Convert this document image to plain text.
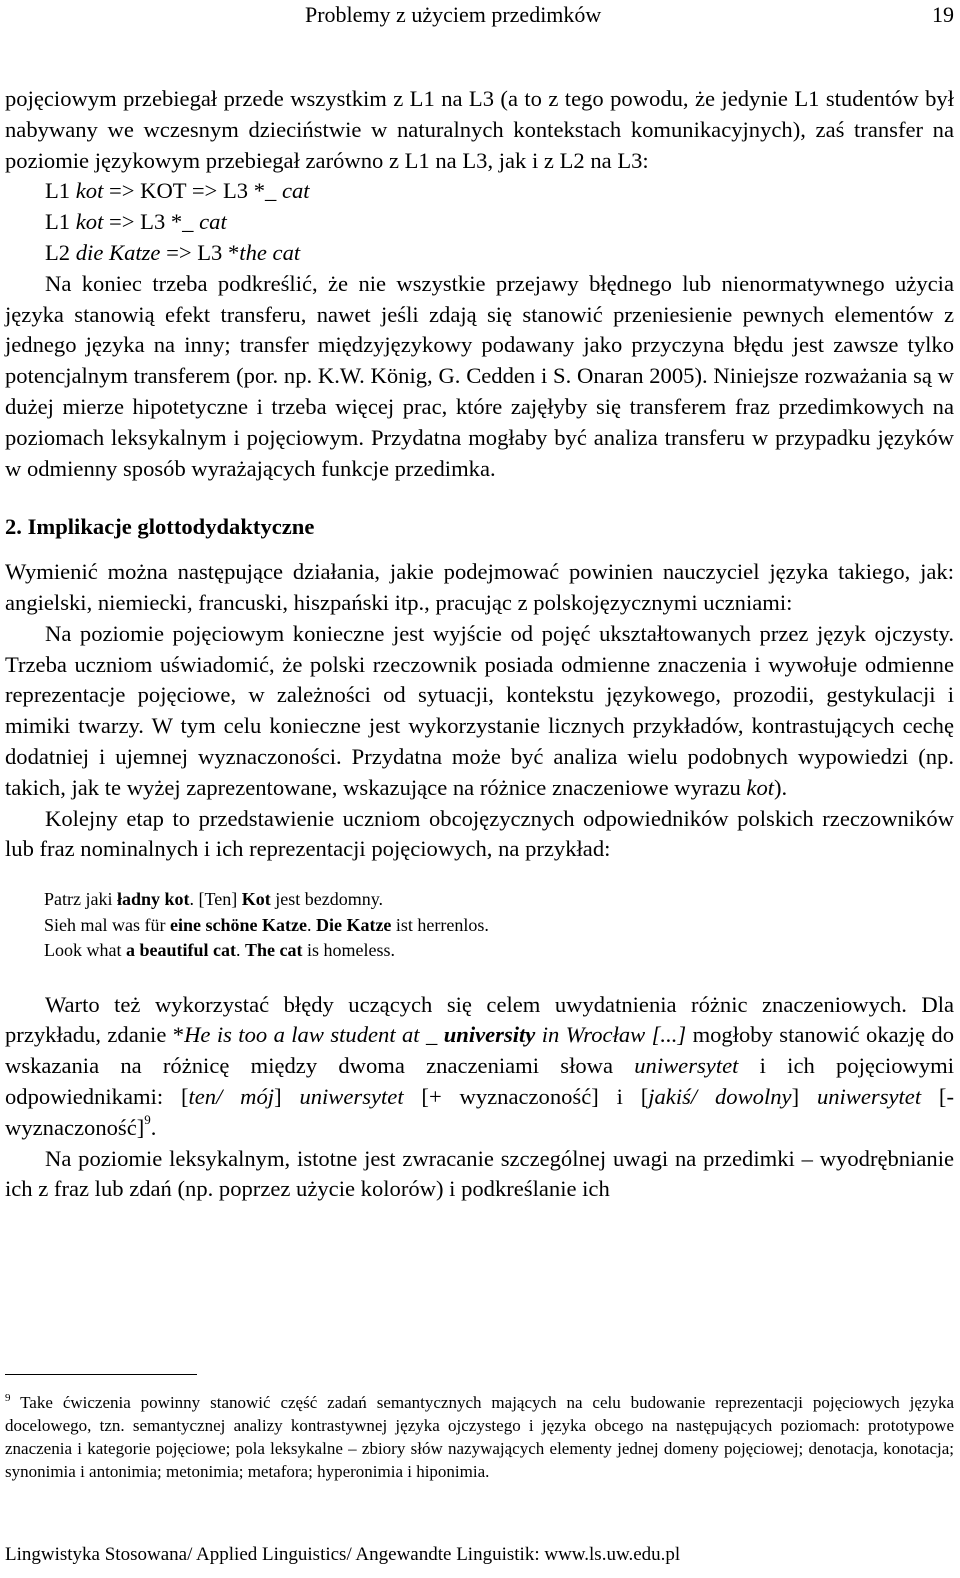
Problemy z użyciem przedimków	19

pojęciowym przebiegał przede wszystkim z L1 na L3 (a to z tego powodu, że jedynie L1 studentów był nabywany we wczesnym dzieciństwie w naturalnych kontekstach komunikacyjnych), zaś transfer na poziomie językowym przebiegał zarówno z L1 na L3, jak i z L2 na L3:

L1 kot => KOT => L3 *_ cat

L1 kot => L3 *_ cat

L2 die Katze => L3 *the cat

Na koniec trzeba podkreślić, że nie wszystkie przejawy błędnego lub nienormatywnego użycia języka stanowią efekt transferu, nawet jeśli zdają się stanowić przeniesienie pewnych elementów z jednego języka na inny; transfer międzyjęzykowy podawany jako przyczyna błędu jest zawsze tylko potencjalnym transferem (por. np. K.W. König, G. Cedden i S. Onaran 2005). Niniejsze rozważania są w dużej mierze hipotetyczne i trzeba więcej prac, które zajęłyby się transferem fraz przedimkowych na poziomach leksykalnym i pojęciowym. Przydatna mogłaby być analiza transferu w przypadku języków w odmienny sposób wyrażających funkcje przedimka.

2. Implikacje glottodydaktyczne

Wymienić można następujące działania, jakie podejmować powinien nauczyciel języka takiego, jak: angielski, niemiecki, francuski, hiszpański itp., pracując z polskojęzycznymi uczniami:

Na poziomie pojęciowym konieczne jest wyjście od pojęć ukształtowanych przez język ojczysty. Trzeba uczniom uświadomić, że polski rzeczownik posiada odmienne znaczenia i wywołuje odmienne reprezentacje pojęciowe, w zależności od sytuacji, kontekstu językowego, prozodii, gestykulacji i mimiki twarzy. W tym celu konieczne jest wykorzystanie licznych przykładów, kontrastujących cechę dodatniej i ujemnej wyznaczoności. Przydatna może być analiza wielu podobnych wypowiedzi (np. takich, jak te wyżej zaprezentowane, wskazujące na różnice znaczeniowe wyrazu kot).

Kolejny etap to przedstawienie uczniom obcojęzycznych odpowiedników polskich rzeczowników lub fraz nominalnych i ich reprezentacji pojęciowych, na przykład:

Patrz jaki ładny kot. [Ten] Kot jest bezdomny.
Sieh mal was für eine schöne Katze. Die Katze ist herrenlos.
Look what a beautiful cat. The cat is homeless.

Warto też wykorzystać błędy uczących się celem uwydatnienia różnic znaczeniowych. Dla przykładu, zdanie *He is too a law student at _ university in Wrocław [...] mogłoby stanowić okazję do wskazania na różnicę między dwoma znaczeniami słowa uniwersytet i ich pojęciowymi odpowiednikami: [ten/ mój] uniwersytet [+ wyznaczoność] i [jakiś/ dowolny] uniwersytet [- wyznaczoność]$^9$.

Na poziomie leksykalnym, istotne jest zwracanie szczególnej uwagi na przedimki – wyodrębnianie ich z fraz lub zdań (np. poprzez użycie kolorów) i podkreślanie ich

$^9$ Take ćwiczenia powinny stanowić część zadań semantycznych mających na celu budowanie reprezentacji pojęciowych języka docelowego, tzn. semantycznej analizy kontrastywnej języka ojczystego i języka obcego na następujących poziomach: prototypowe znaczenia i kategorie pojęciowe; pola leksykalne – zbiory słów nazywających elementy jednej domeny pojęciowej; denotacja, konotacja; synonimia i antonimia; metonimia; metafora; hyperonimia i hiponimia.
Lingwistyka Stosowana/ Applied Linguistics/ Angewandte Linguistik: www.ls.uw.edu.pl
